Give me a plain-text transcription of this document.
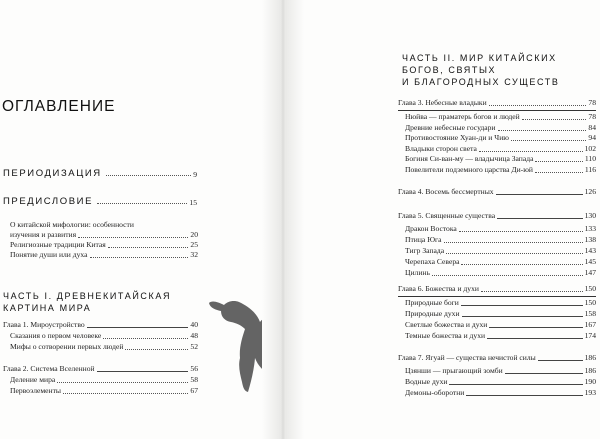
ОГЛАВЛЕНИЕ
ПЕРИОДИЗАЦИЯ	9
ПРЕДИСЛОВИЕ	15
О китайской мифологии: особенности
изучения и развития	20
Религиозные традиции Китая	25
Понятие души или духа	32
ЧАСТЬ I. ДРЕВНЕКИТАЙСКАЯ
КАРТИНА МИРА
Глава 1. Мироустройство	40
Сказания о первом человеке	48
Мифы о сотворении первых людей	52
Глава 2. Система Вселенной	56
Деление мира	58
Первоэлементы	67
ЧАСТЬ II. МИР КИТАЙСКИХ
БОГОВ, СВЯТЫХ
И БЛАГОРОДНЫХ СУЩЕСТВ
Глава 3. Небесные владыки	78
Нюйва — праматерь богов и людей	78
Древние небесные государи	84
Противостояние Хуан-ди и Чию	94
Владыки сторон света	102
Богиня Си-ван-му — владычица Запада	110
Повелители подземного царства Ди-юй	116
Глава 4. Восемь бессмертных	126
Глава 5. Священные существа	130
Дракон Востока	133
Птица Юга	138
Тигр Запада	143
Черепаха Севера	145
Цилинь	147
Глава 6. Божества и духи	150
Природные боги	150
Природные духи	158
Светлые божества и духи	167
Темные божества и духи	174
Глава 7. Ягуай — существа нечистой силы	186
Цзянши — прыгающий зомби	186
Водные духи	190
Демоны-оборотни	193
